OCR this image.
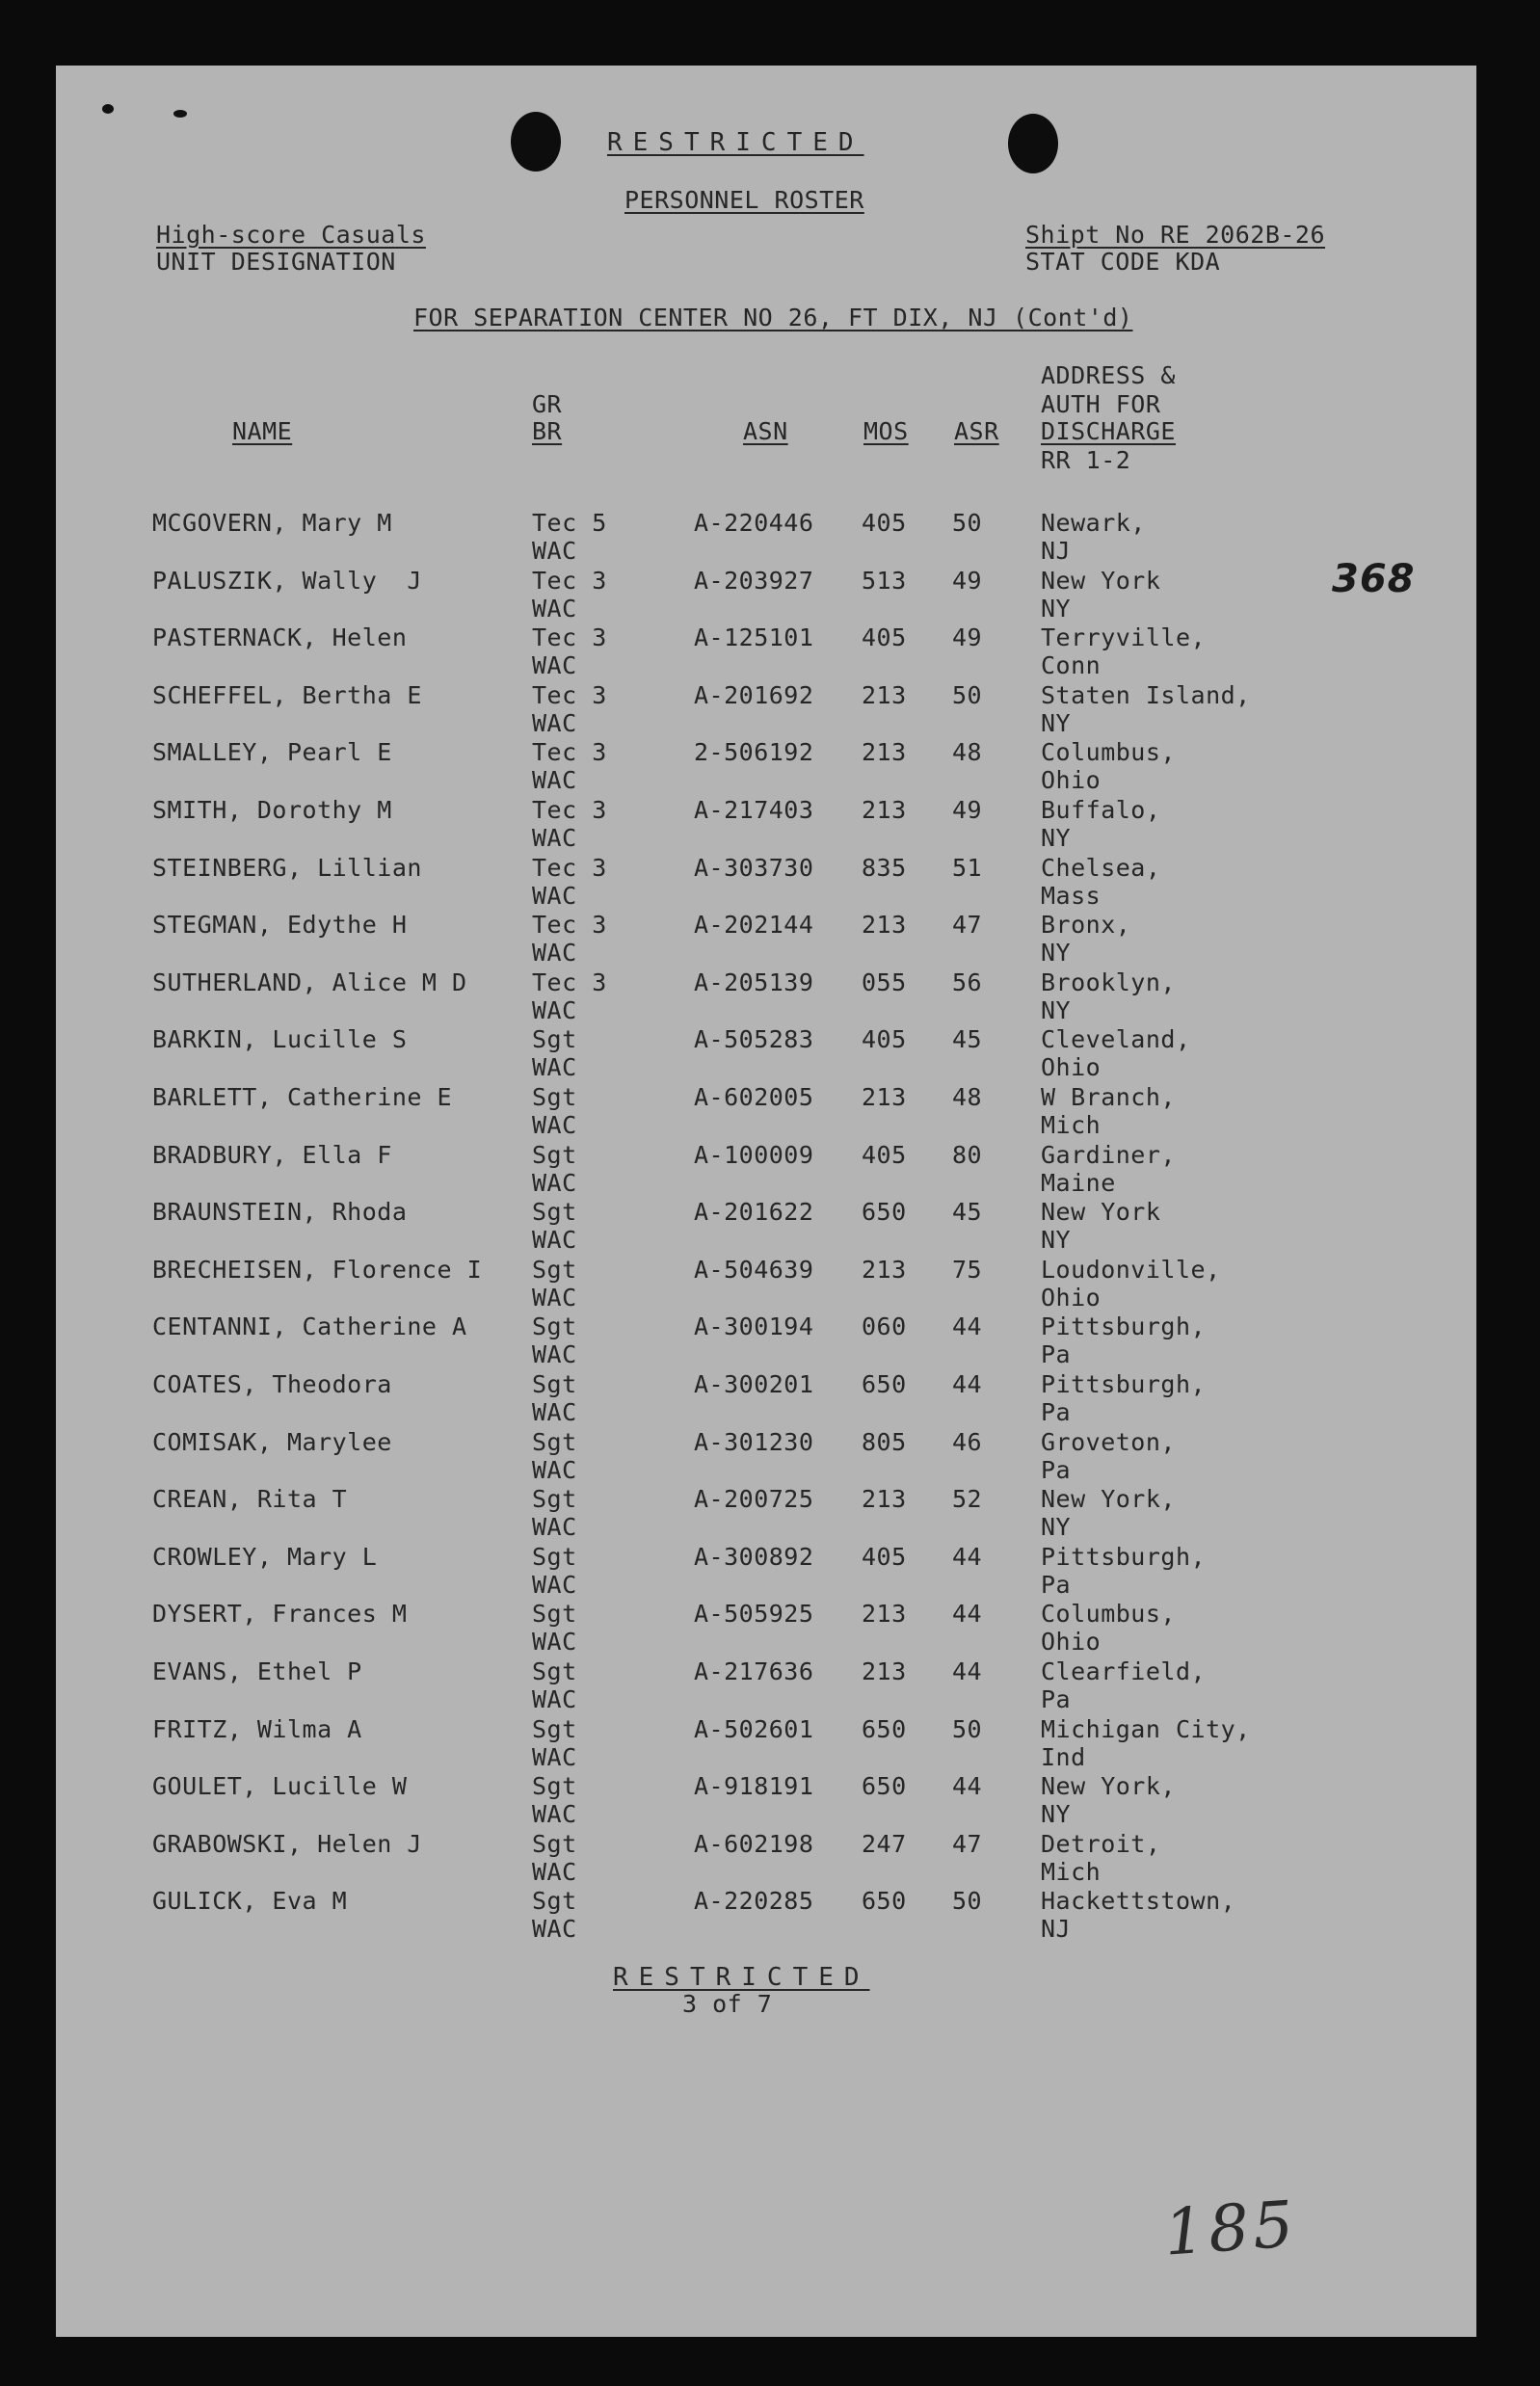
RESTRICTED
PERSONNEL ROSTER
High-score Casuals
UNIT DESIGNATION
Shipt No RE 2062B-26
STAT CODE KDA
FOR SEPARATION CENTER NO 26, FT DIX, NJ (Cont'd)
NAME
GR
BR	ASN	MOS ASR
ADDRESS &
AUTH FOR
DISCHARGE
RR 1-2
MCGOVERN, Mary M	Tec 5	A-220446 405 50 Newark,
WAC	NJ
PALUSZIK, Wally  J	Tec 3	A-203927 513 49 New York
WAC	NY
PASTERNACK, Helen	Tec 3	A-125101 405 49 Terryville,
WAC	Conn
SCHEFFEL, Bertha E	Tec 3	A-201692 213 50 Staten Island,
WAC	NY
SMALLEY, Pearl E	Tec 3	2-506192 213 48 Columbus,
WAC	Ohio
SMITH, Dorothy M	Tec 3	A-217403 213 49 Buffalo,
WAC	NY
STEINBERG, Lillian	Tec 3	A-303730 835 51 Chelsea,
WAC	Mass
STEGMAN, Edythe H	Tec 3	A-202144 213 47 Bronx,
WAC	NY
SUTHERLAND, Alice M D	Tec 3	A-205139 055 56 Brooklyn,
WAC	NY
BARKIN, Lucille S	Sgt	A-505283 405 45 Cleveland,
WAC	Ohio
BARLETT, Catherine E	Sgt	A-602005 213 48 W Branch,
WAC	Mich
BRADBURY, Ella F	Sgt	A-100009 405 80 Gardiner,
WAC	Maine
BRAUNSTEIN, Rhoda	Sgt	A-201622 650 45 New York
WAC	NY
BRECHEISEN, Florence I Sgt	A-504639 213 75 Loudonville,
WAC	Ohio
CENTANNI, Catherine A	Sgt	A-300194 060 44 Pittsburgh,
WAC	Pa
COATES, Theodora	Sgt	A-300201 650 44 Pittsburgh,
WAC	Pa
COMISAK, Marylee	Sgt	A-301230 805 46 Groveton,
WAC	Pa
CREAN, Rita T	Sgt	A-200725 213 52 New York,
WAC	NY
CROWLEY, Mary L	Sgt	A-300892 405 44 Pittsburgh,
WAC	Pa
DYSERT, Frances M	Sgt	A-505925 213 44 Columbus,
WAC	Ohio
EVANS, Ethel P	Sgt	A-217636 213 44 Clearfield,
WAC	Pa
FRITZ, Wilma A	Sgt	A-502601 650 50 Michigan City,
WAC	Ind
GOULET, Lucille W	Sgt	A-918191 650 44 New York,
WAC	NY
GRABOWSKI, Helen J	Sgt	A-602198 247 47 Detroit,
WAC	Mich
GULICK, Eva M	Sgt	A-220285 650 50 Hackettstown,
WAC	NJ
368
RESTRICTED
3 of 7
185
